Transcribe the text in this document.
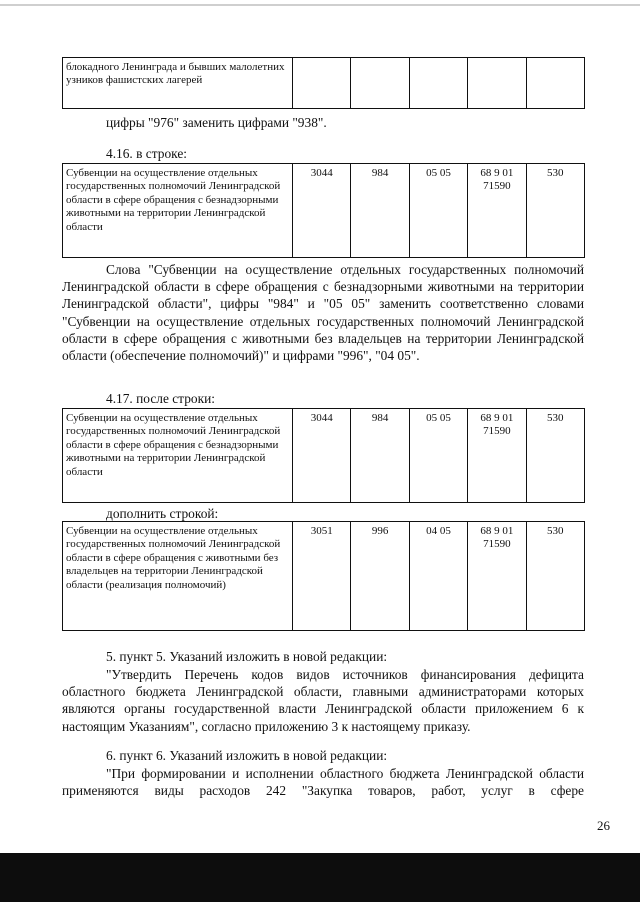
блокадного Ленинграда и бывших малолетних узников фашистских лагерей					
цифры "976" заменить цифрами "938".
4.16. в строке:
Субвенции на осуществление отдельных государственных полномочий Ленинградской области в сфере обращения с безнадзорными животными на территории Ленинградской области	3044	984	05 05	68 9 01 71590	530
Слова "Субвенции на осуществление отдельных государственных полномочий Ленинградской области в сфере обращения с безнадзорными животными на территории Ленинградской области", цифры "984" и "05 05" заменить соответственно словами "Субвенции на осуществление отдельных государственных полномочий Ленинградской области в сфере обращения с животными без владельцев на территории Ленинградской области (обеспечение полномочий)" и цифрами "996", "04 05".
4.17. после строки:
Субвенции на осуществление отдельных государственных полномочий Ленинградской области в сфере обращения с безнадзорными животными на территории Ленинградской области	3044	984	05 05	68 9 01 71590	530
дополнить строкой:
Субвенции на осуществление отдельных государственных полномочий Ленинградской области в сфере обращения с животными без владельцев на территории Ленинградской области (реализация полномочий)	3051	996	04 05	68 9 01 71590	530
5. пункт 5. Указаний изложить в новой редакции:
"Утвердить Перечень кодов видов источников финансирования дефицита областного бюджета Ленинградской области, главными администраторами которых являются органы государственной власти Ленинградской области приложением 6 к настоящим Указаниям", согласно приложению 3 к настоящему приказу.
6. пункт 6. Указаний изложить в новой редакции:
"При формировании и исполнении областного бюджета Ленинградской области применяются виды расходов 242 "Закупка товаров, работ, услуг в сфере
26
